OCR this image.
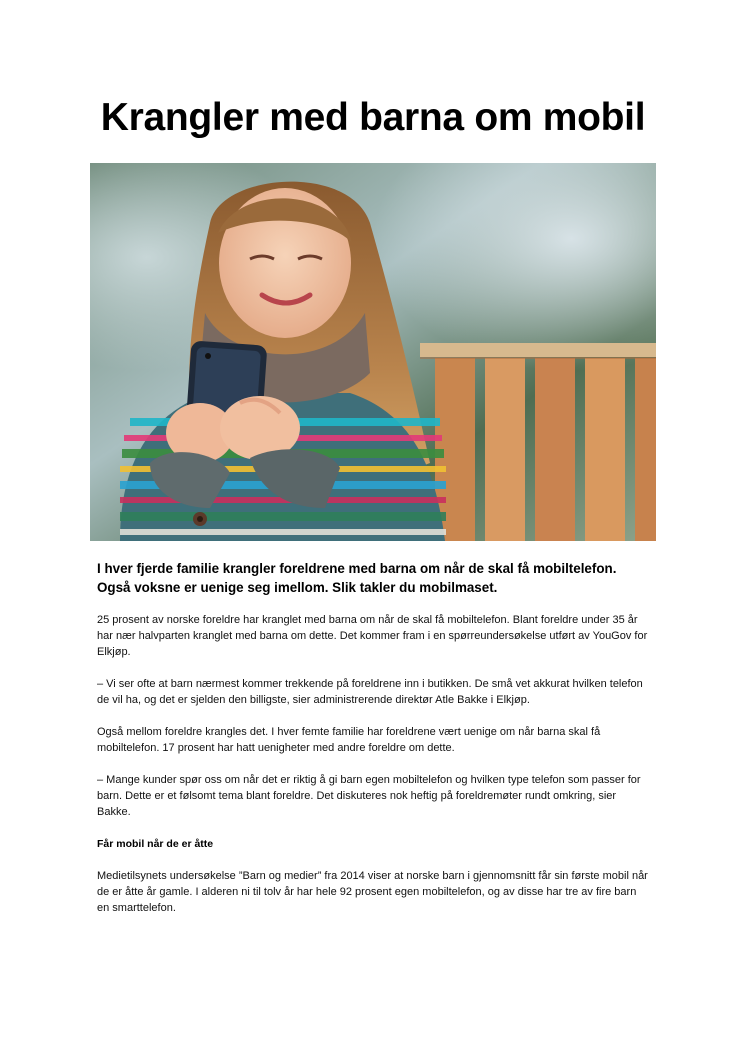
Krangler med barna om mobil

I hver fjerde familie krangler foreldrene med barna om når de skal få mobiltelefon. Også voksne er uenige seg imellom. Slik takler du mobilmaset.

25 prosent av norske foreldre har kranglet med barna om når de skal få mobiltelefon. Blant foreldre under 35 år har nær halvparten kranglet med barna om dette. Det kommer fram i en spørreundersøkelse utført av YouGov for Elkjøp.

– Vi ser ofte at barn nærmest kommer trekkende på foreldrene inn i butikken. De små vet akkurat hvilken telefon de vil ha, og det er sjelden den billigste, sier administrerende direktør Atle Bakke i Elkjøp.

Også mellom foreldre krangles det. I hver femte familie har foreldrene vært uenige om når barna skal få mobiltelefon. 17 prosent har hatt uenigheter med andre foreldre om dette.

– Mange kunder spør oss om når det er riktig å gi barn egen mobiltelefon og hvilken type telefon som passer for barn. Dette er et følsomt tema blant foreldre. Det diskuteres nok heftig på foreldremøter rundt omkring, sier Bakke.

Får mobil når de er åtte

Medietilsynets undersøkelse ”Barn og medier” fra 2014 viser at norske barn i gjennomsnitt får sin første mobil når de er åtte år gamle. I alderen ni til tolv år har hele 92 prosent egen mobiltelefon, og av disse har tre av fire barn en smarttelefon.
